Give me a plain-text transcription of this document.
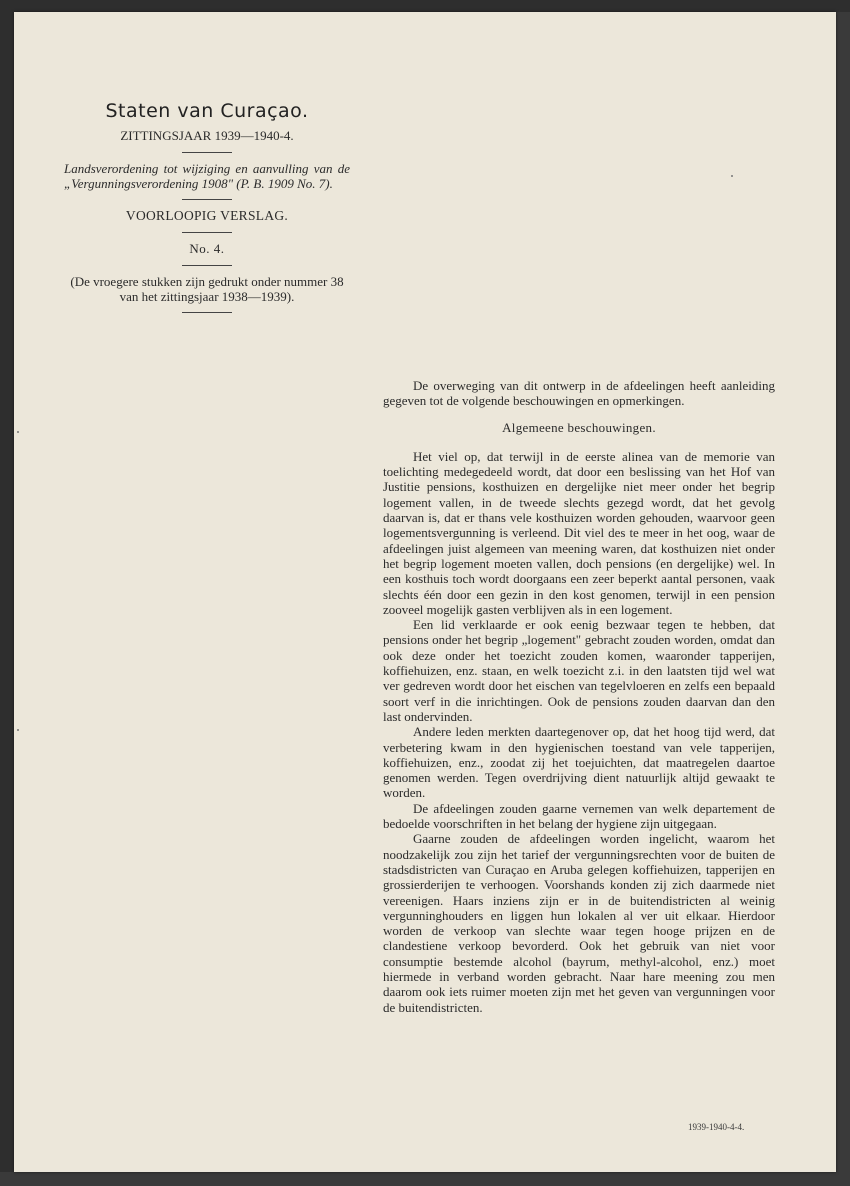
Staten van Curaçao.
ZITTINGSJAAR 1939—1940-4.
Landsverordening tot wijziging en aanvulling van de „Vergunningsverordening 1908" (P. B. 1909 No. 7).
VOORLOOPIG VERSLAG.
No. 4.
(De vroegere stukken zijn gedrukt onder nummer 38 van het zittingsjaar 1938—1939).

De overweging van dit ontwerp in de afdeelingen heeft aanleiding gegeven tot de volgende beschouwingen en opmerkingen.

Algemeene beschouwingen.

Het viel op, dat terwijl in de eerste alinea van de memorie van toelichting medegedeeld wordt, dat door een beslissing van het Hof van Justitie pensions, kosthuizen en dergelijke niet meer onder het begrip logement vallen, in de tweede slechts gezegd wordt, dat het gevolg daarvan is, dat er thans vele kosthuizen worden gehouden, waarvoor geen logementsvergunning is verleend. Dit viel des te meer in het oog, waar de afdeelingen juist algemeen van meening waren, dat kosthuizen niet onder het begrip logement moeten vallen, doch pensions (en dergelijke) wel. In een kosthuis toch wordt doorgaans een zeer beperkt aantal personen, vaak slechts één door een gezin in den kost genomen, terwijl in een pension zooveel mogelijk gasten verblijven als in een logement.

Een lid verklaarde er ook eenig bezwaar tegen te hebben, dat pensions onder het begrip „logement" gebracht zouden worden, omdat dan ook deze onder het toezicht zouden komen, waaronder tapperijen, koffiehuizen, enz. staan, en welk toezicht z.i. in den laatsten tijd wel wat ver gedreven wordt door het eischen van tegelvloeren en zelfs een bepaald soort verf in die inrichtingen. Ook de pensions zouden daarvan dan den last ondervinden.

Andere leden merkten daartegenover op, dat het hoog tijd werd, dat verbetering kwam in den hygienischen toestand van vele tapperijen, koffiehuizen, enz., zoodat zij het toejuichten, dat maatregelen daartoe genomen werden. Tegen overdrijving dient natuurlijk altijd gewaakt te worden.

De afdeelingen zouden gaarne vernemen van welk departement de bedoelde voorschriften in het belang der hygiene zijn uitgegaan.

Gaarne zouden de afdeelingen worden ingelicht, waarom het noodzakelijk zou zijn het tarief der vergunningsrechten voor de buiten de stadsdistricten van Curaçao en Aruba gelegen koffiehuizen, tapperijen en grossierderijen te verhoogen. Voorshands konden zij zich daarmede niet vereenigen. Haars inziens zijn er in de buitendistricten al weinig vergunninghouders en liggen hun lokalen al ver uit elkaar. Hierdoor worden de verkoop van slechte waar tegen hooge prijzen en de clandestiene verkoop bevorderd. Ook het gebruik van niet voor consumptie bestemde alcohol (bayrum, methyl-alcohol, enz.) moet hiermede in verband worden gebracht. Naar hare meening zou men daarom ook iets ruimer moeten zijn met het geven van vergunningen voor de buitendistricten.

1939-1940-4-4.
